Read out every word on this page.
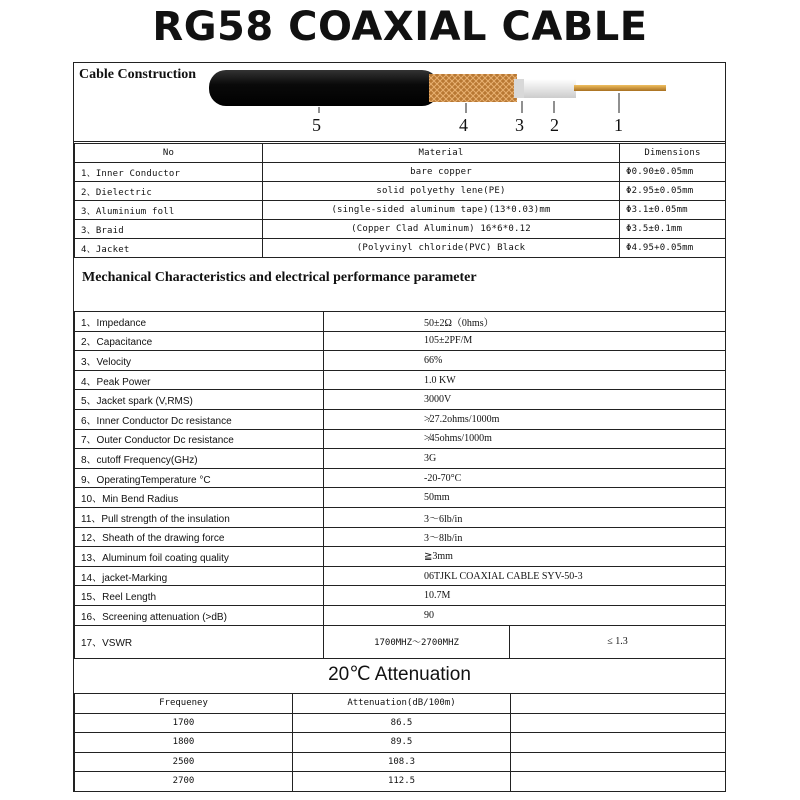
RG58 COAXIAL CABLE
Cable Construction
5	4	3 2	1
No	Material	Dimensions
1、Inner Conductor	bare copper	Φ0.90±0.05mm
2、Dielectric	solid polyethy lene(PE)	Φ2.95±0.05mm
3、Aluminium foll	(single-sided aluminum tape)(13*0.03)mm	Φ3.1±0.05mm
3、Braid	(Copper Clad Aluminum) 16*6*0.12	Φ3.5±0.1mm
4、Jacket	(Polyvinyl chloride(PVC) Black	Φ4.95+0.05mm
Mechanical Characteristics and electrical performance parameter
1、Impedance	50±2Ω（0hms）	
2、Capacitance	105±2PF/M	
3、Velocity	66%	
4、Peak Power	1.0 KW	
5、Jacket spark (V,RMS)	3000V	
6、Inner Conductor Dc resistance	≯27.2ohms/1000m	
7、Outer Conductor Dc resistance	≯45ohms/1000m	
8、cutoff Frequency(GHz)	3G	
9、OperatingTemperature °C	-20-70°C	
10、Min Bend Radius	50mm	
11、Pull strength of the insulation	3～6lb/in	
12、Sheath of the drawing force	3～8lb/in	
13、Aluminum foil coating quality	≧3mm	
14、jacket-Marking	06TJKL COAXIAL CABLE SYV-50-3	
15、Reel Length	10.7M	
16、Screening attenuation (>dB)	90	
17、VSWR	1700MHZ～2700MHZ	≤ 1.3
20℃ Attenuation
Frequeney	Attenuation(dB/100m)	
1700	86.5	
1800	89.5	
2500	108.3	
2700	112.5	
